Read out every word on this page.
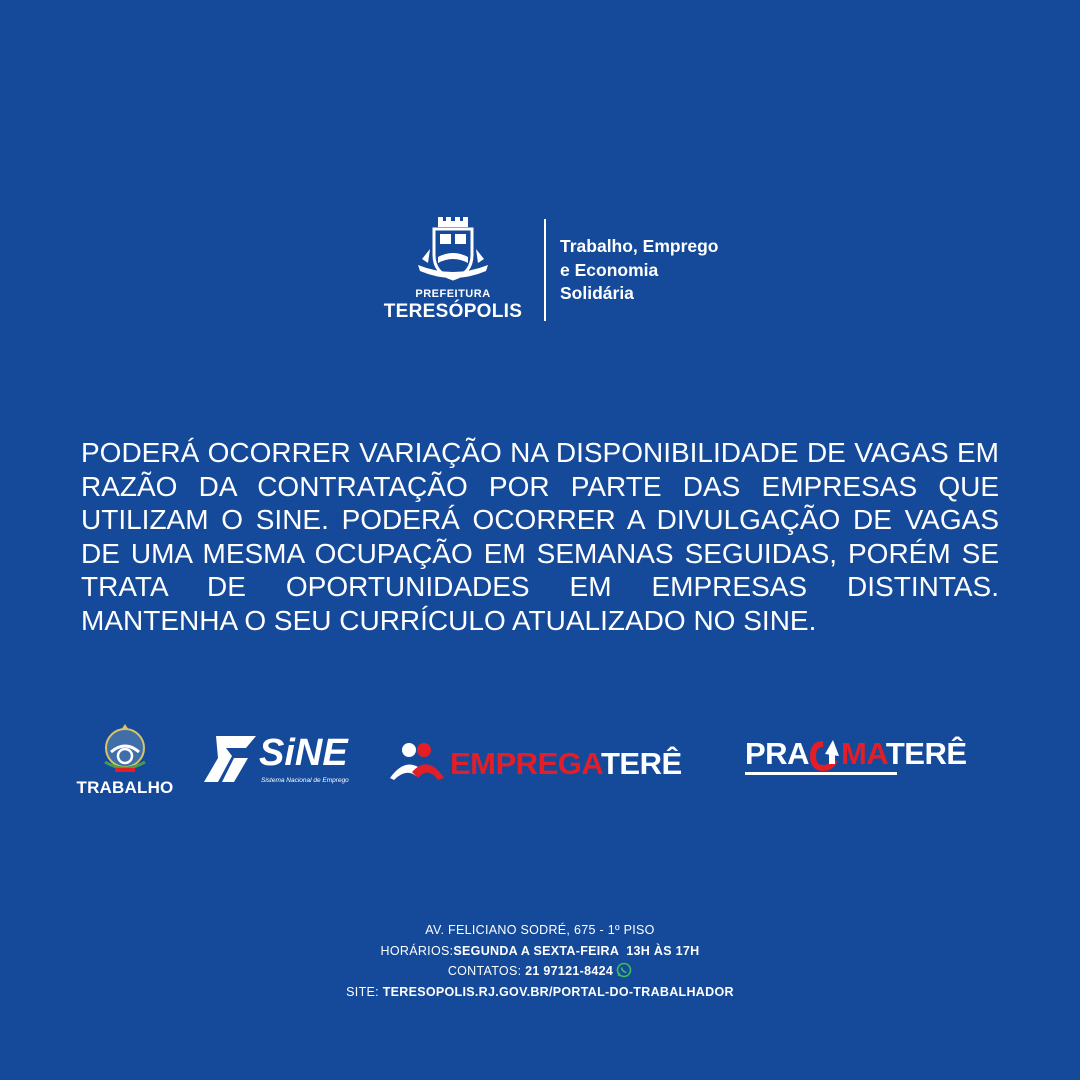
PREFEITURA
TERESÓPOLIS
Trabalho, Emprego
e Economia
Solidária
PODERÁ OCORRER VARIAÇÃO NA DISPONIBILIDADE DE VAGAS EM RAZÃO DA CONTRATAÇÃO POR PARTE DAS EMPRESAS QUE UTILIZAM O SINE. PODERÁ OCORRER A DIVULGAÇÃO DE VAGAS DE UMA MESMA OCUPAÇÃO EM SEMANAS SEGUIDAS, PORÉM SE TRATA DE OPORTUNIDADES EM EMPRESAS DISTINTAS. MANTENHA O SEU CURRÍCULO ATUALIZADO NO SINE.
TRABALHO
SiNE
Sistema Nacional de Emprego	EMPREGATERÊ PRA MATERÊ
AV. FELICIANO SODRÉ, 675 - 1º PISO
HORÁRIOS:SEGUNDA A SEXTA-FEIRA  13H ÀS 17H
CONTATOS: 21 97121-8424
SITE: TERESOPOLIS.RJ.GOV.BR/PORTAL-DO-TRABALHADOR
